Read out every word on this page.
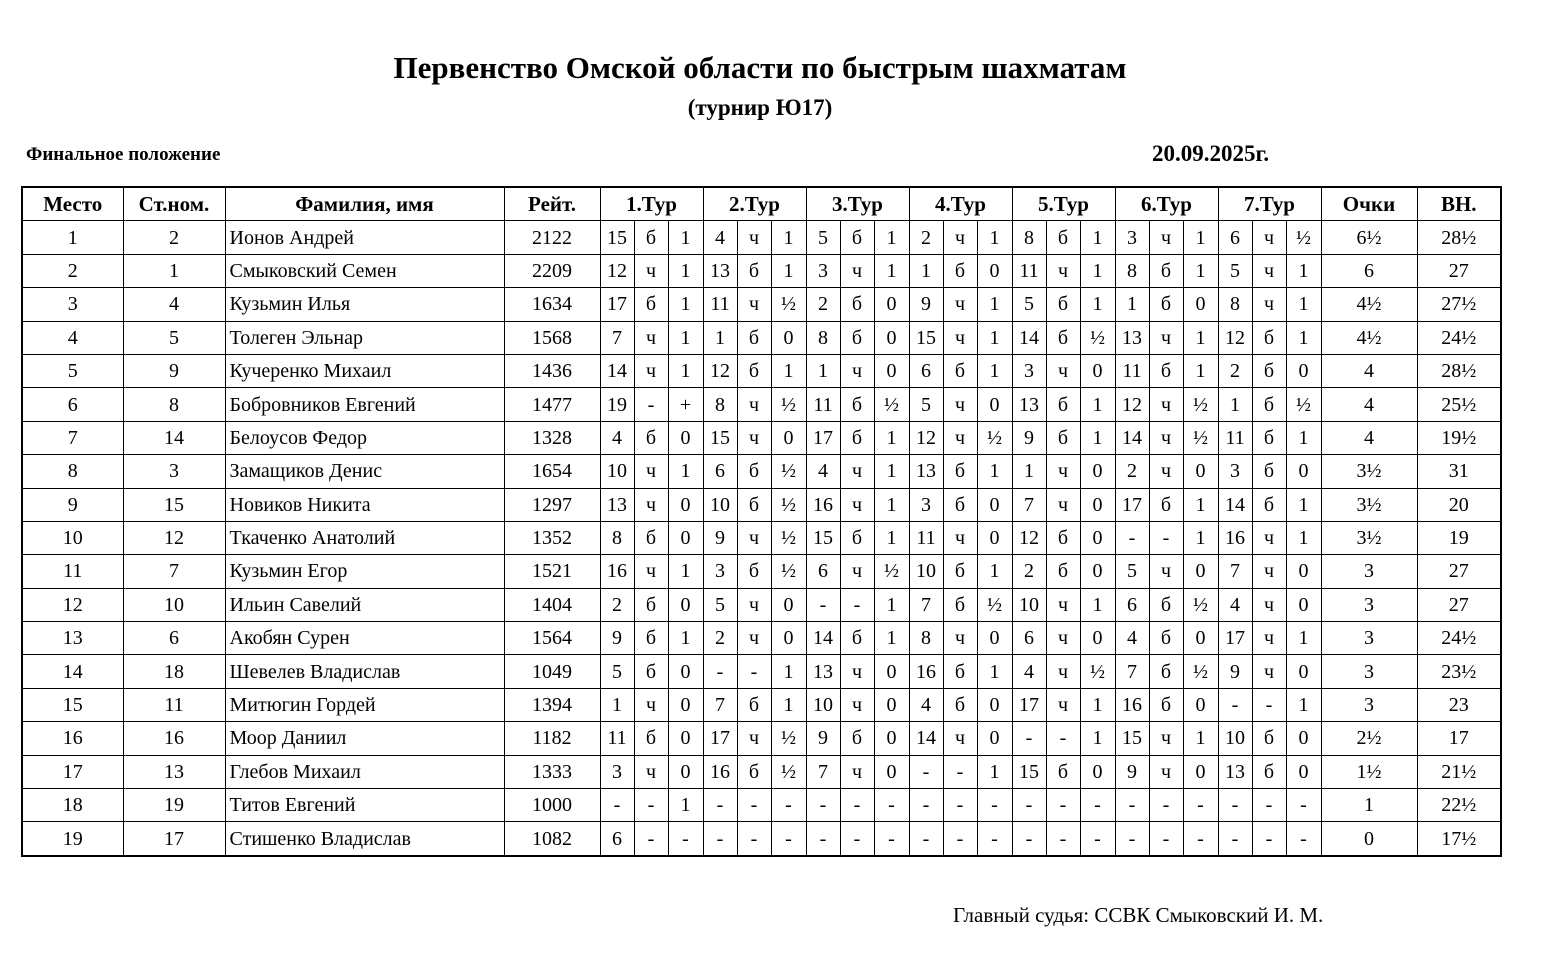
Первенство Омской области по быстрым шахматам
(турнир Ю17)
Финальное положение	20.09.2025г.
Место	Ст.ном.	Фамилия, имя	Рейт.	1.Тур			2.Тур			3.Тур			4.Тур			5.Тур			6.Тур			7.Тур			Очки	ВН.
1	2	Ионов Андрей	2122	15	б	1	4	ч	1	5	б	1	2	ч	1	8	б	1	3	ч	1	6	ч	½	6½	28½
2	1	Смыковский Семен	2209	12	ч	1	13	б	1	3	ч	1	1	б	0	11	ч	1	8	б	1	5	ч	1	6	27
3	4	Кузьмин Илья	1634	17	б	1	11	ч	½	2	б	0	9	ч	1	5	б	1	1	б	0	8	ч	1	4½	27½
4	5	Толеген Эльнар	1568	7	ч	1	1	б	0	8	б	0	15	ч	1	14	б	½	13	ч	1	12	б	1	4½	24½
5	9	Кучеренко Михаил	1436	14	ч	1	12	б	1	1	ч	0	6	б	1	3	ч	0	11	б	1	2	б	0	4	28½
6	8	Бобровников Евгений	1477	19	-	+	8	ч	½	11	б	½	5	ч	0	13	б	1	12	ч	½	1	б	½	4	25½
7	14	Белоусов Федор	1328	4	б	0	15	ч	0	17	б	1	12	ч	½	9	б	1	14	ч	½	11	б	1	4	19½
8	3	Замащиков Денис	1654	10	ч	1	6	б	½	4	ч	1	13	б	1	1	ч	0	2	ч	0	3	б	0	3½	31
9	15	Новиков Никита	1297	13	ч	0	10	б	½	16	ч	1	3	б	0	7	ч	0	17	б	1	14	б	1	3½	20
10	12	Ткаченко Анатолий	1352	8	б	0	9	ч	½	15	б	1	11	ч	0	12	б	0	-	-	1	16	ч	1	3½	19
11	7	Кузьмин Егор	1521	16	ч	1	3	б	½	6	ч	½	10	б	1	2	б	0	5	ч	0	7	ч	0	3	27
12	10	Ильин Савелий	1404	2	б	0	5	ч	0	-	-	1	7	б	½	10	ч	1	6	б	½	4	ч	0	3	27
13	6	Акобян Сурен	1564	9	б	1	2	ч	0	14	б	1	8	ч	0	6	ч	0	4	б	0	17	ч	1	3	24½
14	18	Шевелев Владислав	1049	5	б	0	-	-	1	13	ч	0	16	б	1	4	ч	½	7	б	½	9	ч	0	3	23½
15	11	Митюгин Гордей	1394	1	ч	0	7	б	1	10	ч	0	4	б	0	17	ч	1	16	б	0	-	-	1	3	23
16	16	Моор Даниил	1182	11	б	0	17	ч	½	9	б	0	14	ч	0	-	-	1	15	ч	1	10	б	0	2½	17
17	13	Глебов Михаил	1333	3	ч	0	16	б	½	7	ч	0	-	-	1	15	б	0	9	ч	0	13	б	0	1½	21½
18	19	Титов Евгений	1000	-	-	1	-	-	-	-	-	-	-	-	-	-	-	-	-	-	-	-	-	-	1	22½
19	17	Стишенко Владислав	1082	6	-	-	-	-	-	-	-	-	-	-	-	-	-	-	-	-	-	-	-	-	0	17½
Главный судья: ССВК Смыковский И. М.
